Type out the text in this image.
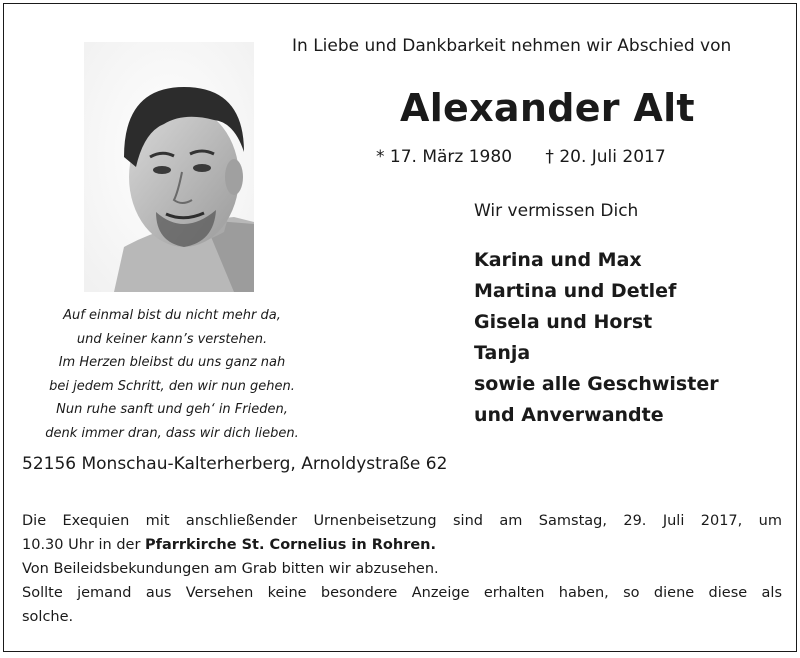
In Liebe und Dankbarkeit nehmen wir Abschied von
Alexander Alt
* 17. März 1980 † 20. Juli 2017
Wir vermissen Dich
Karina und Max
Martina und Detlef
Gisela und Horst
Tanja
sowie alle Geschwister
und Anverwandte
Auf einmal bist du nicht mehr da,
und keiner kann’s verstehen.
Im Herzen bleibst du uns ganz nah
bei jedem Schritt, den wir nun gehen.
Nun ruhe sanft und geh‘ in Frieden,
denk immer dran, dass wir dich lieben.
52156 Monschau-Kalterherberg, Arnoldystraße 62

Die Exequien mit anschließender Urnenbeisetzung sind am Samstag, 29. Juli 2017, um

10.30 Uhr in der Pfarrkirche St. Cornelius in Rohren.

Von Beileidsbekundungen am Grab bitten wir abzusehen.

Sollte jemand aus Versehen keine besondere Anzeige erhalten haben, so diene diese als

solche.
